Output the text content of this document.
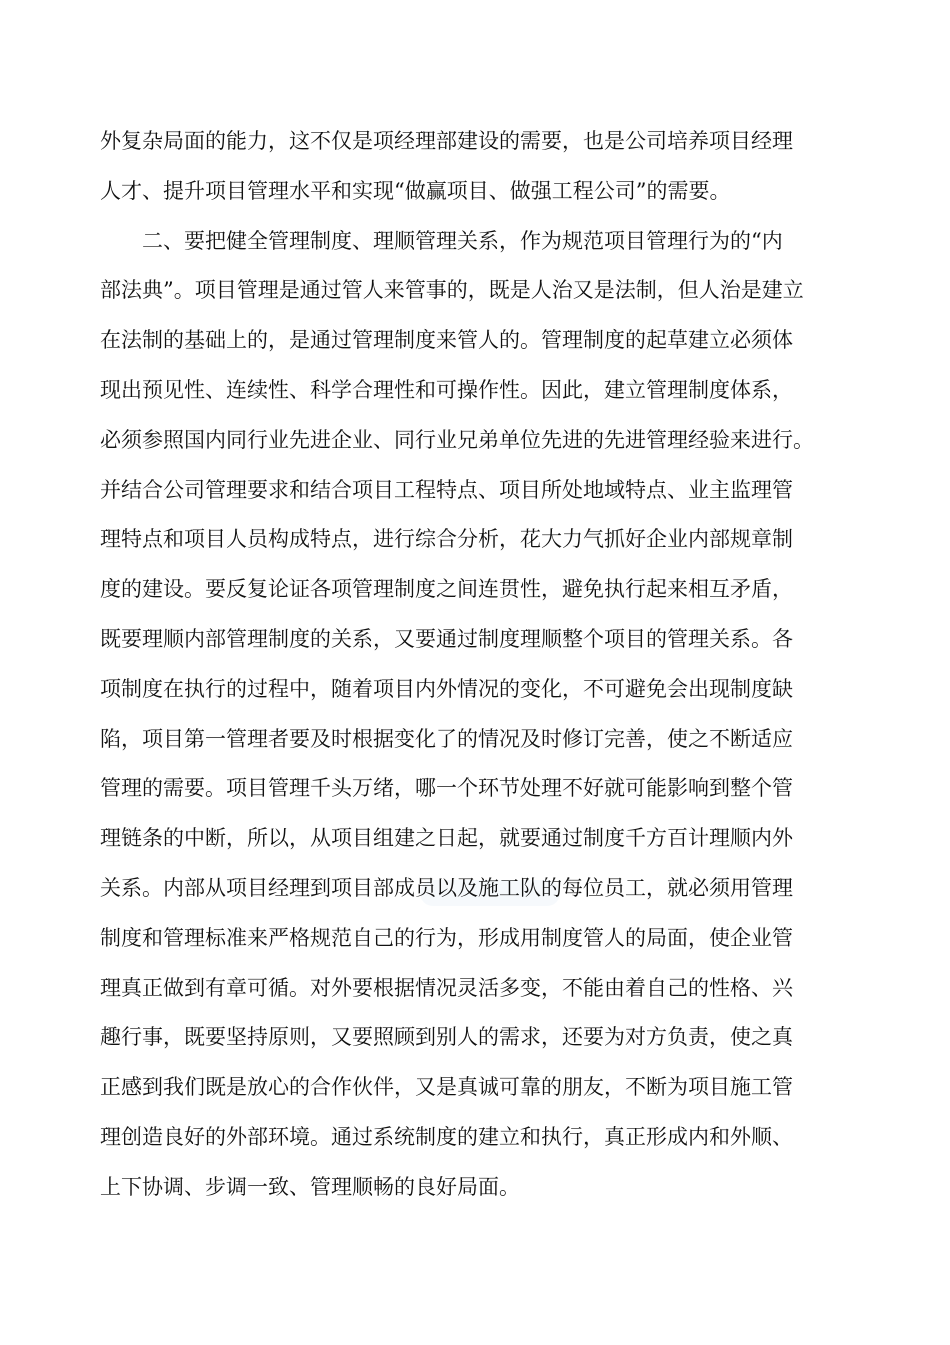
外复杂局面的能力，这不仅是项经理部建设的需要，也是公司培养项目经理
人才、提升项目管理水平和实现“做赢项目、做强工程公司”的需要。
二、要把健全管理制度、理顺管理关系，作为规范项目管理行为的“内
部法典”。项目管理是通过管人来管事的，既是人治又是法制，但人治是建立
在法制的基础上的，是通过管理制度来管人的。管理制度的起草建立必须体
现出预见性、连续性、科学合理性和可操作性。因此，建立管理制度体系，
必须参照国内同行业先进企业、同行业兄弟单位先进的先进管理经验来进行。
并结合公司管理要求和结合项目工程特点、项目所处地域特点、业主监理管
理特点和项目人员构成特点，进行综合分析，花大力气抓好企业内部规章制
度的建设。要反复论证各项管理制度之间连贯性，避免执行起来相互矛盾，
既要理顺内部管理制度的关系，又要通过制度理顺整个项目的管理关系。各
项制度在执行的过程中，随着项目内外情况的变化，不可避免会出现制度缺
陷，项目第一管理者要及时根据变化了的情况及时修订完善，使之不断适应
管理的需要。项目管理千头万绪，哪一个环节处理不好就可能影响到整个管
理链条的中断，所以，从项目组建之日起，就要通过制度千方百计理顺内外
关系。内部从项目经理到项目部成员以及施工队的每位员工，就必须用管理
制度和管理标准来严格规范自己的行为，形成用制度管人的局面，使企业管
理真正做到有章可循。对外要根据情况灵活多变，不能由着自己的性格、兴
趣行事，既要坚持原则，又要照顾到别人的需求，还要为对方负责，使之真
正感到我们既是放心的合作伙伴，又是真诚可靠的朋友，不断为项目施工管
理创造良好的外部环境。通过系统制度的建立和执行，真正形成内和外顺、
上下协调、步调一致、管理顺畅的良好局面。
